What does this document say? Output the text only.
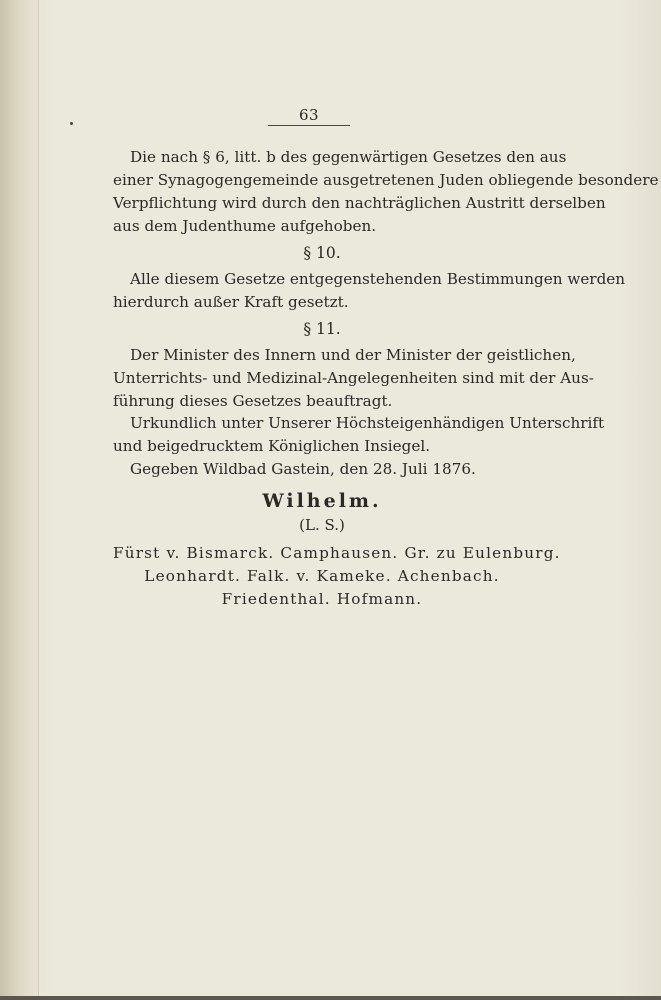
63
Die nach § 6, litt. b des gegenwärtigen Gesetzes den aus
einer Synagogengemeinde ausgetretenen Juden obliegende besondere
Verpflichtung wird durch den nachträglichen Austritt derselben
aus dem Judenthume aufgehoben.
§ 10.
Alle diesem Gesetze entgegenstehenden Bestimmungen werden
hierdurch außer Kraft gesetzt.
§ 11.
Der Minister des Innern und der Minister der geistlichen,
Unterrichts- und Medizinal-Angelegenheiten sind mit der Aus-
führung dieses Gesetzes beauftragt.
Urkundlich unter Unserer Höchsteigenhändigen Unterschrift
und beigedrucktem Königlichen Insiegel.
Gegeben Wildbad Gastein, den 28. Juli 1876.
Wilhelm.
(L. S.)
Fürst v. Bismarck. Camphausen. Gr. zu Eulenburg.
Leonhardt. Falk. v. Kameke. Achenbach.
Friedenthal. Hofmann.
